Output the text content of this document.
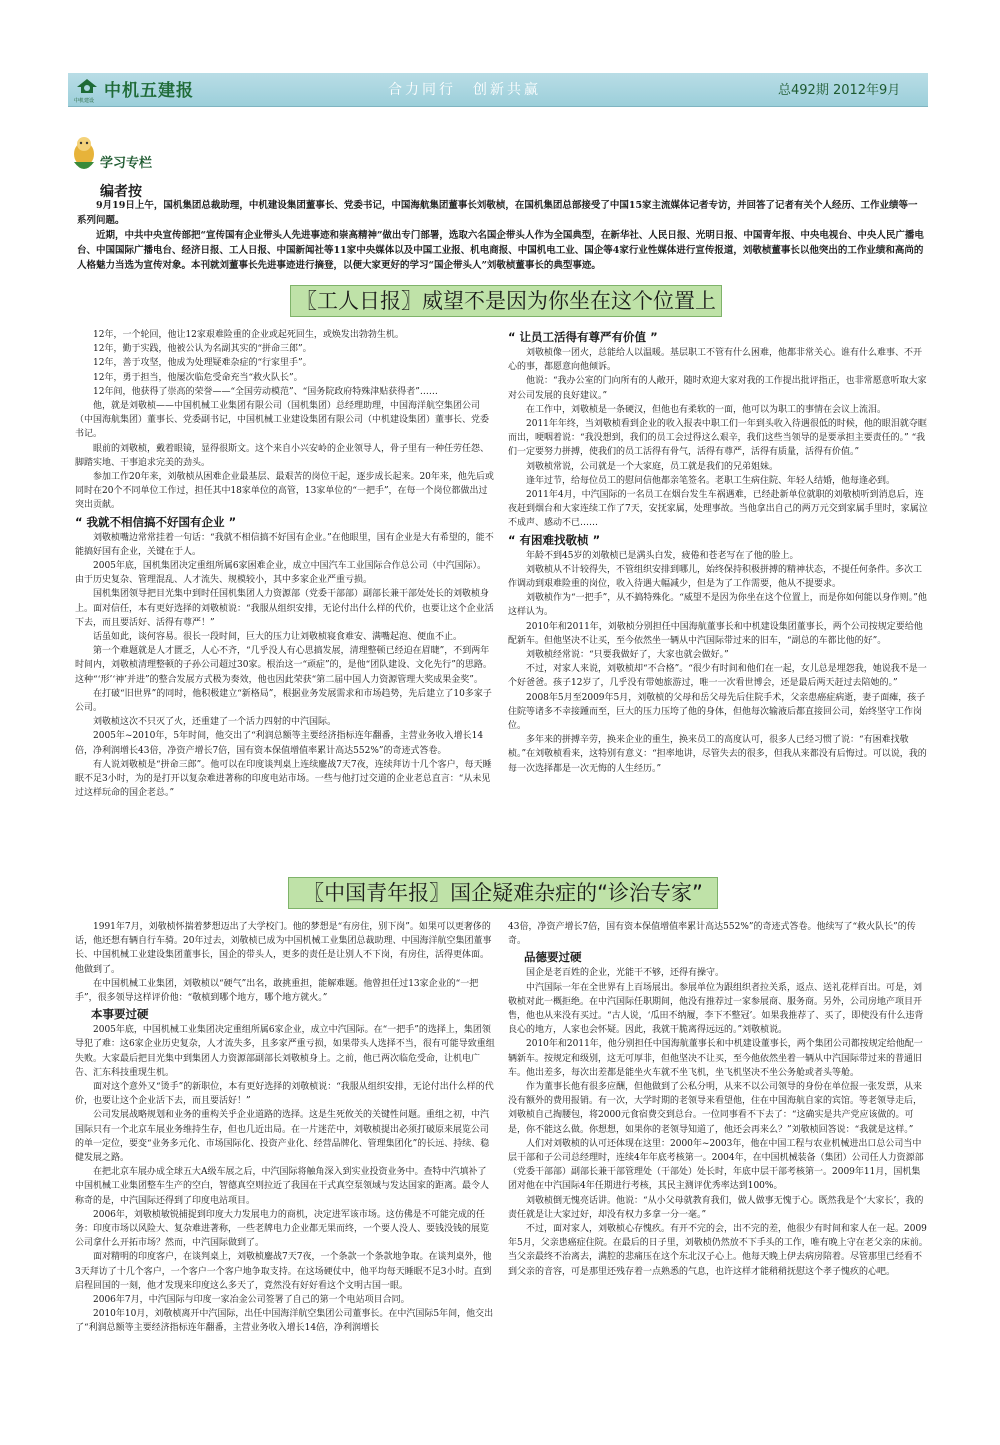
中机建设 中机五建报	合力同行　创新共赢	总492期 2012年9月
学习专栏
编者按

9月19日上午，国机集团总裁助理，中机建设集团董事长、党委书记，中国海航集团董事长刘敬桢，在国机集团总部接受了中国15家主流媒体记者专访，并回答了记者有关个人经历、工作业绩等一系列问题。

近期，中共中央宣传部把“宣传国有企业带头人先进事迹和崇高精神”做出专门部署，选取六名国企带头人作为全国典型，在新华社、人民日报、光明日报、中国青年报、中央电视台、中央人民广播电台、中国国际广播电台、经济日报、工人日报、中国新闻社等11家中央媒体以及中国工业报、机电商报、中国机电工业、国企等4家行业性媒体进行宣传报道，刘敬桢董事长以他突出的工作业绩和高尚的人格魅力当选为宣传对象。本刊就刘董事长先进事迹进行摘登，以便大家更好的学习“国企带头人”刘敬桢董事长的典型事迹。

〖工人日报〗威望不是因为你坐在这个位置上

12年，一个轮回，他让12家艰难险重的企业或起死回生，或焕发出勃勃生机。

12年，勤于实践，他被公认为名副其实的“拼命三郎”。

12年，善于攻坚，他成为处理疑难杂症的“行家里手”。

12年，勇于担当，他屡次临危受命充当“救火队长”。

12年间，他获得了崇高的荣誉——“全国劳动模范”、“国务院政府特殊津贴获得者”……

他，就是刘敬桢——中国机械工业集团有限公司（国机集团）总经理助理，中国海洋航空集团公司（中国海航集团）董事长、党委副书记，中国机械工业建设集团有限公司（中机建设集团）董事长、党委书记。

眼前的刘敬桢，戴着眼镜，显得很斯文。这个来自小兴安岭的企业领导人，骨子里有一种任劳任怨、脚踏实地、干事追求完美的劲头。

参加工作20年来，刘敬桢从困难企业最基层、最艰苦的岗位干起，逐步成长起来。20年来，他先后或同时在20个不同单位工作过，担任其中18家单位的高管，13家单位的“一把手”，在每一个岗位都做出过突出贡献。

“ 我就不相信搞不好国有企业 ”

刘敬桢嘴边常常挂着一句话：“我就不相信搞不好国有企业。”在他眼里，国有企业是大有希望的，能不能搞好国有企业，关键在于人。

2005年底，国机集团决定重组所属6家困难企业，成立中国汽车工业国际合作总公司（中汽国际）。由于历史复杂、管理混乱、人才流失、规模较小，其中多家企业严重亏损。

国机集团领导把目光集中到时任国机集团人力资源部（党委干部部）副部长兼干部处处长的刘敬桢身上。面对信任，本有更好选择的刘敬桢说：“我服从组织安排，无论付出什么样的代价，也要让这个企业活下去，而且要活好、活得有尊严！”

话虽如此，谈何容易。很长一段时间，巨大的压力让刘敬桢寝食难安、满嘴起泡、便血不止。

第一个难题就是人才匮乏，人心不齐，“几乎没人有心思搞发展，清理整顿已经迫在眉睫”，不到两年时间内，刘敬桢清理整顿的子孙公司超过30家。根治这一“顽症”的，是他“团队建设、文化先行”的思路。这种“‘形’‘神’并进”的整合发展方式极为奏效，他也因此荣获“第二届中国人力资源管理大奖成果金奖”。

在打破“旧世界”的同时，他积极建立“新格局”，根据业务发展需求和市场趋势，先后建立了10多家子公司。

刘敬桢这次不只灭了火，还重建了一个活力四射的中汽国际。

2005年~2010年，5年时间，他交出了“利润总额等主要经济指标连年翻番，主营业务收入增长14倍，净利润增长43倍，净资产增长7倍，国有资本保值增值率累计高达552%”的奇迹式答卷。

有人说刘敬桢是“拼命三郎”。他可以在印度谈判桌上连续鏖战7天7夜，连续拜访十几个客户，每天睡眠不足3小时，为的是打开以复杂难进著称的印度电站市场。一些与他打过交道的企业老总直言：“从未见过这样玩命的国企老总。”

“ 让员工活得有尊严有价值 ”

刘敬桢像一团火，总能给人以温暖。基层职工不管有什么困难，他都非常关心。谁有什么难事、不开心的事，都愿意向他倾诉。

他说：“我办公室的门向所有的人敞开，随时欢迎大家对我的工作提出批评指正，也非常愿意听取大家对公司发展的良好建议。”

在工作中，刘敬桢是一条硬汉，但他也有柔软的一面，他可以为职工的事情在会议上流泪。

2011年年终，当刘敬桢看到企业的收入报表中职工们一年到头收入待遇很低的时候，他的眼泪就夺眶而出，哽咽着说：“我没想到，我们的员工会过得这么艰辛，我们这些当领导的是要承担主要责任的。” “我们一定要努力拼搏，使我们的员工活得有骨气，活得有尊严，活得有质量，活得有价值。”

刘敬桢常说，公司就是一个大家庭，员工就是我们的兄弟姐妹。

逢年过节，给每位员工的慰问信他都亲笔签名。老职工生病住院、年轻人结婚，他每逢必到。

2011年4月，中汽国际的一名员工在烟台发生车祸遇难，已经赴新单位就职的刘敬桢听到消息后，连夜赶到烟台和大家连续工作了7天，安抚家属，处理事故。当他拿出自己的两万元交到家属手里时，家属泣不成声、感动不已……

“ 有困难找敬桢 ”

年龄不到45岁的刘敬桢已是满头白发，疲倦和苍老写在了他的脸上。

刘敬桢从不计较得失，不管组织安排到哪儿，始终保持积极拼搏的精神状态，不提任何条件。多次工作调动到艰难险重的岗位，收入待遇大幅减少，但是为了工作需要，他从不提要求。

刘敬桢作为“一把手”，从不搞特殊化。“威望不是因为你坐在这个位置上，而是你如何能以身作则。”他这样认为。

2010年和2011年，刘敬桢分别担任中国海航董事长和中机建设集团董事长，两个公司按规定要给他配新车。但他坚决不让买，至今依然坐一辆从中汽国际带过来的旧车，“副总的车都比他的好”。

刘敬桢经常说：“只要我做好了，大家也就会做好。”

不过，对家人来说，刘敬桢却“不合格”。“很少有时间和他们在一起，女儿总是埋怨我，她说我不是一个好爸爸。孩子12岁了，几乎没有带她旅游过，唯一一次看世博会，还是最后两天赶过去陪她的。”

2008年5月至2009年5月，刘敬桢的父母和岳父母先后住院手术，父亲患癌症病逝，妻子面瘫，孩子住院等诸多不幸接踵而至，巨大的压力压垮了他的身体，但他每次输液后都直接回公司，始终坚守工作岗位。

多年来的拼搏辛劳，换来企业的重生，换来员工的高度认可，很多人已经习惯了说：“有困难找敬桢。”在刘敬桢看来，这特别有意义：“担率地讲，尽管失去的很多，但我从来都没有后悔过。可以说，我的每一次选择都是一次无悔的人生经历。”

〖中国青年报〗国企疑难杂症的“诊治专家”

1991年7月，刘敬桢怀揣着梦想迈出了大学校门。他的梦想是“有房住，别下岗”。如果可以更奢侈的话，他还想有辆自行车骑。20年过去，刘敬桢已成为中国机械工业集团总裁助理、中国海洋航空集团董事长、中国机械工业建设集团董事长，国企的带头人，更多的责任是让别人不下岗，有房住，活得更体面。他做到了。

在中国机械工业集团，刘敬桢以“硬气”出名，敢挑重担，能解难题。他曾担任过13家企业的“一把手”，很多领导这样评价他：“敬桢到哪个地方，哪个地方就火。”

本事要过硬

2005年底，中国机械工业集团决定重组所属6家企业，成立中汽国际。在“一把手”的选择上，集团领导犯了难：这6家企业历史复杂，人才流失多，且多家严重亏损，如果带头人选择不当，很有可能导致重组失败。大家最后把目光集中到集团人力资源部副部长刘敬桢身上。之前，他已两次临危受命，让机电广告、汇东科技重现生机。

面对这个意外又“烫手”的新职位，本有更好选择的刘敬桢说：“我服从组织安排，无论付出什么样的代价，也要让这个企业活下去，而且要活好！”

公司发展战略规划和业务的重构关乎企业道路的选择。这是生死攸关的关键性问题。重组之初，中汽国际只有一个北京车展业务维持生存，但也几近出局。在一片迷茫中，刘敬桢提出必须打破原来展览公司的单一定位，要变“业务多元化、市场国际化、投资产业化、经营品牌化、管理集团化”的长远、持续、稳健发展之路。

在把北京车展办成全球五大A级车展之后，中汽国际将触角深入到实业投资业务中。查特中汽填补了中国机械工业集团整车生产的空白，智德真空则拉近了我国在干式真空泵领域与发达国家的距离。最令人称奇的是，中汽国际还得到了印度电站项目。

2006年，刘敬桢敏锐捕捉到印度大力发展电力的商机，决定进军该市场。这仿佛是不可能完成的任务：印度市场以风险大、复杂难进著称，一些老牌电力企业都无果而终，一个要人没人、要钱没钱的展览公司拿什么开拓市场？然而，中汽国际做到了。

面对精明的印度客户，在谈判桌上，刘敬桢鏖战7天7夜，一个条款一个条款地争取。在谈判桌外，他3天拜访了十几个客户，一个客户一个客户地争取支持。在这场硬仗中，他平均每天睡眠不足3小时。直到启程回国的一刻，他才发现来印度这么多天了，竟然没有好好看这个文明古国一眼。

2006年7月，中汽国际与印度一家冶金公司签署了自己的第一个电站项目合同。

2010年10月，刘敬桢离开中汽国际，出任中国海洋航空集团公司董事长。在中汽国际5年间，他交出了“利润总额等主要经济指标连年翻番，主营业务收入增长14倍，净利润增长

43倍，净资产增长7倍，国有资本保值增值率累计高达552%”的奇迹式答卷。他续写了“救火队长”的传奇。

品德要过硬

国企是老百姓的企业，光能干不够，还得有操守。

中汽国际一年在全世界有上百场展出。参展单位为跟组织者拉关系，返点、送礼花样百出。可是，刘敬桢对此一概拒绝。在中汽国际任职期间，他没有推荐过一家参展商、服务商。另外，公司房地产项目开售，他也从来没有买过。“古人说，‘瓜田不纳履，李下不整冠’。如果我推荐了、买了，即使没有什么违背良心的地方，人家也会怀疑。因此，我就干脆离得远远的。”刘敬桢说。

2010年和2011年，他分别担任中国海航董事长和中机建设董事长，两个集团公司都按规定给他配一辆新车。按规定和级别，这无可厚非，但他坚决不让买，至今他依然坐着一辆从中汽国际带过来的普通旧车。他出差多，每次出差都是能坐火车就不坐飞机，坐飞机坚决不坐公务舱或者头等舱。

作为董事长他有很多应酬，但他做到了公私分明，从来不以公司领导的身份在单位报一张发票，从来没有额外的费用报销。有一次，大学时期的老领导来看望他，住在中国海航自家的宾馆。等老领导走后，刘敬桢自己掏腰包，将2000元食宿费交到总台。一位同事看不下去了：“这确实是共产党应该做的。可是，你不能这么做。你想想，如果你的老领导知道了，他还会再来么？”刘敬桢回答说：“我就是这样。”

人们对刘敬桢的认可还体现在这里：2000年~2003年，他在中国工程与农业机械进出口总公司当中层干部和子公司总经理时，连续4年年底考核第一。2004年，在中国机械装备（集团）公司任人力资源部（党委干部部）副部长兼干部管理处（干部处）处长时，年底中层干部考核第一。2009年11月，国机集团对他在中汽国际4年任期进行考核，其民主测评优秀率达到100%。

刘敬桢倒无愧亮话讲。他说：“从小父母就教育我们，做人做事无愧于心。既然我是个‘大家长’，我的责任就是让大家过好，却没有权力多拿一分一毫。”

不过，面对家人，刘敬桢心存愧疚。有开不完的会，出不完的差，他很少有时间和家人在一起。2009年5月，父亲患癌症住院。在最后的日子里，刘敬桢仍然放不下手头的工作，唯有晚上守在老父亲的床前。当父亲最终不治离去，满腔的悲痛压在这个东北汉子心上。他每天晚上伊去病房陪着。尽管那里已经看不到父亲的音容，可是那里还残存着一点熟悉的气息，也许这样才能稍稍抚慰这个孝子愧疚的心吧。
